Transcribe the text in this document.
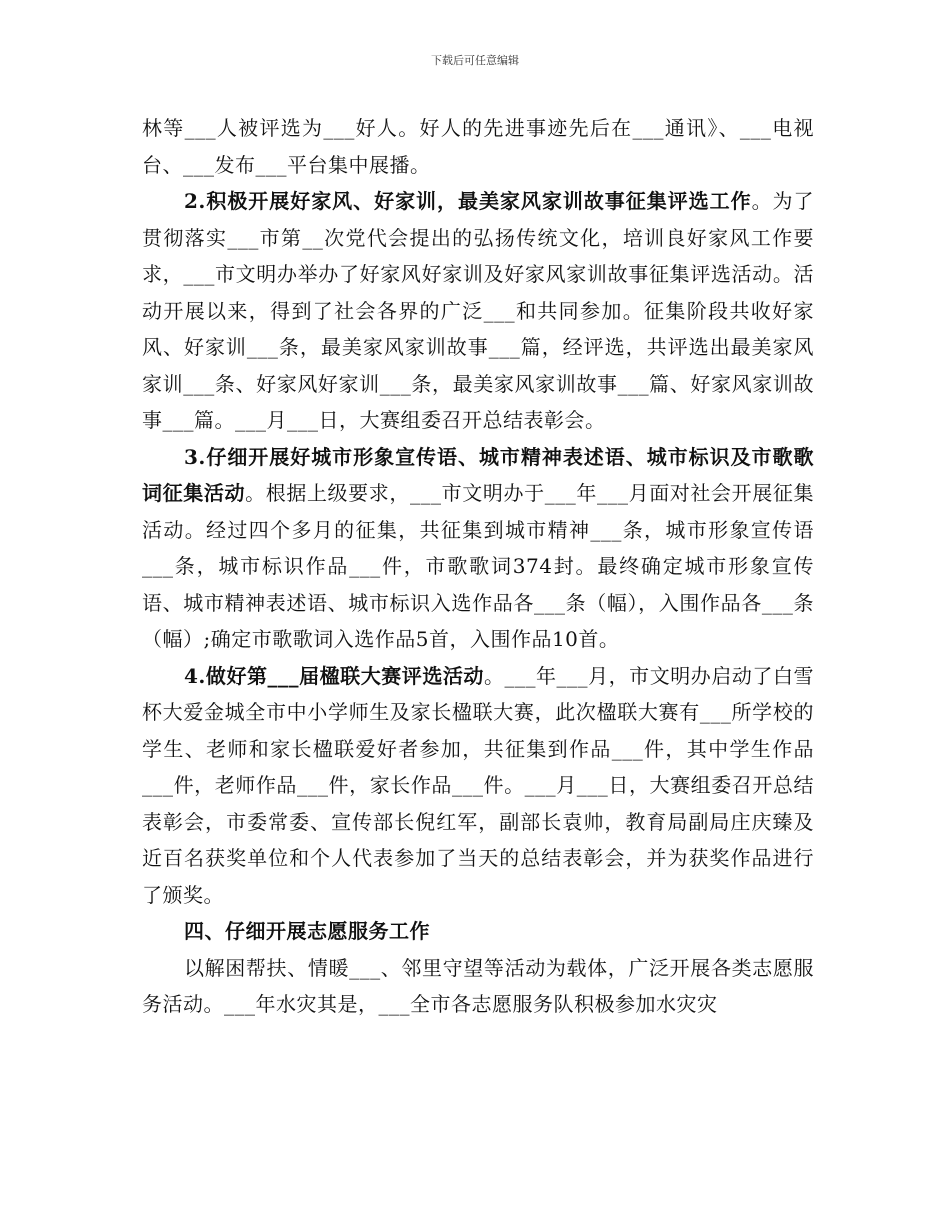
下载后可任意编辑

林等___人被评选为___好人。好人的先进事迹先后在___通讯》、___电视台、___发布___平台集中展播。

2.积极开展好家风、好家训，最美家风家训故事征集评选工作。为了贯彻落实___市第__次党代会提出的弘扬传统文化，培训良好家风工作要求，___市文明办举办了好家风好家训及好家风家训故事征集评选活动。活动开展以来，得到了社会各界的广泛___和共同参加。征集阶段共收好家风、好家训___条，最美家风家训故事___篇，经评选，共评选出最美家风家训___条、好家风好家训___条，最美家风家训故事___篇、好家风家训故事___篇。___月___日，大赛组委召开总结表彰会。

3.仔细开展好城市形象宣传语、城市精神表述语、城市标识及市歌歌词征集活动。根据上级要求，___市文明办于___年___月面对社会开展征集活动。经过四个多月的征集，共征集到城市精神___条，城市形象宣传语___条，城市标识作品___件，市歌歌词374封。最终确定城市形象宣传语、城市精神表述语、城市标识入选作品各___条（幅），入围作品各___条（幅）;确定市歌歌词入选作品5首，入围作品10首。

4.做好第___届楹联大赛评选活动。___年___月，市文明办启动了白雪杯大爱金城全市中小学师生及家长楹联大赛，此次楹联大赛有___所学校的学生、老师和家长楹联爱好者参加，共征集到作品___件，其中学生作品___件，老师作品___件，家长作品___件。___月___日，大赛组委召开总结表彰会，市委常委、宣传部长倪红军，副部长袁帅，教育局副局庄庆臻及近百名获奖单位和个人代表参加了当天的总结表彰会，并为获奖作品进行了颁奖。

四、仔细开展志愿服务工作

以解困帮扶、情暖___、邻里守望等活动为载体，广泛开展各类志愿服务活动。___年水灾其是，___全市各志愿服务队积极参加水灾灾
